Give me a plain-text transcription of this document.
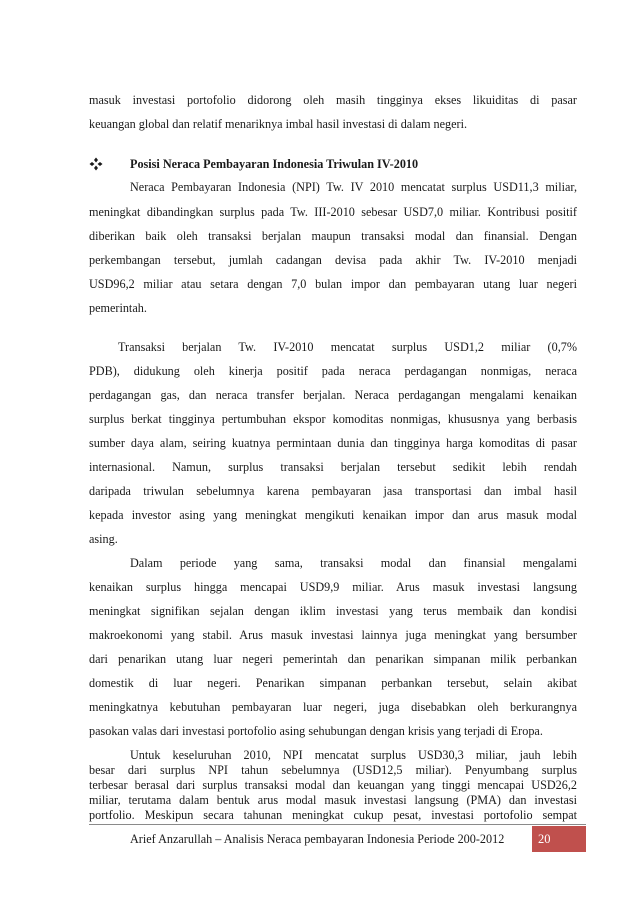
masuk investasi portofolio didorong oleh masih tingginya ekses likuiditas di pasar
keuangan global dan relatif menariknya imbal hasil investasi di dalam negeri.
Posisi Neraca Pembayaran Indonesia Triwulan IV-2010
Neraca Pembayaran Indonesia (NPI) Tw. IV 2010 mencatat surplus USD11,3 miliar,
meningkat dibandingkan surplus pada Tw. III-2010 sebesar USD7,0 miliar. Kontribusi positif
diberikan baik oleh transaksi berjalan maupun transaksi modal dan finansial. Dengan
perkembangan tersebut, jumlah cadangan devisa pada akhir Tw. IV-2010 menjadi
USD96,2 miliar atau setara dengan 7,0 bulan impor dan pembayaran utang luar negeri
pemerintah.
Transaksi berjalan Tw. IV-2010 mencatat surplus USD1,2 miliar (0,7%
PDB), didukung oleh kinerja positif pada neraca perdagangan nonmigas, neraca
perdagangan gas, dan neraca transfer berjalan. Neraca perdagangan mengalami kenaikan
surplus berkat tingginya pertumbuhan ekspor komoditas nonmigas, khususnya yang berbasis
sumber daya alam, seiring kuatnya permintaan dunia dan tingginya harga komoditas di pasar
internasional. Namun, surplus transaksi berjalan tersebut sedikit lebih rendah
daripada triwulan sebelumnya karena pembayaran jasa transportasi dan imbal hasil
kepada investor asing yang meningkat mengikuti kenaikan impor dan arus masuk modal
asing.
Dalam periode yang sama, transaksi modal dan finansial mengalami
kenaikan surplus hingga mencapai USD9,9 miliar. Arus masuk investasi langsung
meningkat signifikan sejalan dengan iklim investasi yang terus membaik dan kondisi
makroekonomi yang stabil. Arus masuk investasi lainnya juga meningkat yang bersumber
dari penarikan utang luar negeri pemerintah dan penarikan simpanan milik perbankan
domestik di luar negeri. Penarikan simpanan perbankan tersebut, selain akibat
meningkatnya kebutuhan pembayaran luar negeri, juga disebabkan oleh berkurangnya
pasokan valas dari investasi portofolio asing sehubungan dengan krisis yang terjadi di Eropa.
Untuk keseluruhan 2010, NPI mencatat surplus USD30,3 miliar, jauh lebih
besar dari surplus NPI tahun sebelumnya (USD12,5 miliar). Penyumbang surplus
terbesar berasal dari surplus transaksi modal dan keuangan yang tinggi mencapai USD26,2
Arief Anzarullah – Analisis Neraca pembayaran Indonesia Periode 200-2012	20
miliar, terutama dalam bentuk arus modal masuk investasi langsung (PMA) dan investasi
portfolio. Meskipun secara tahunan meningkat cukup pesat, investasi portofolio sempat
